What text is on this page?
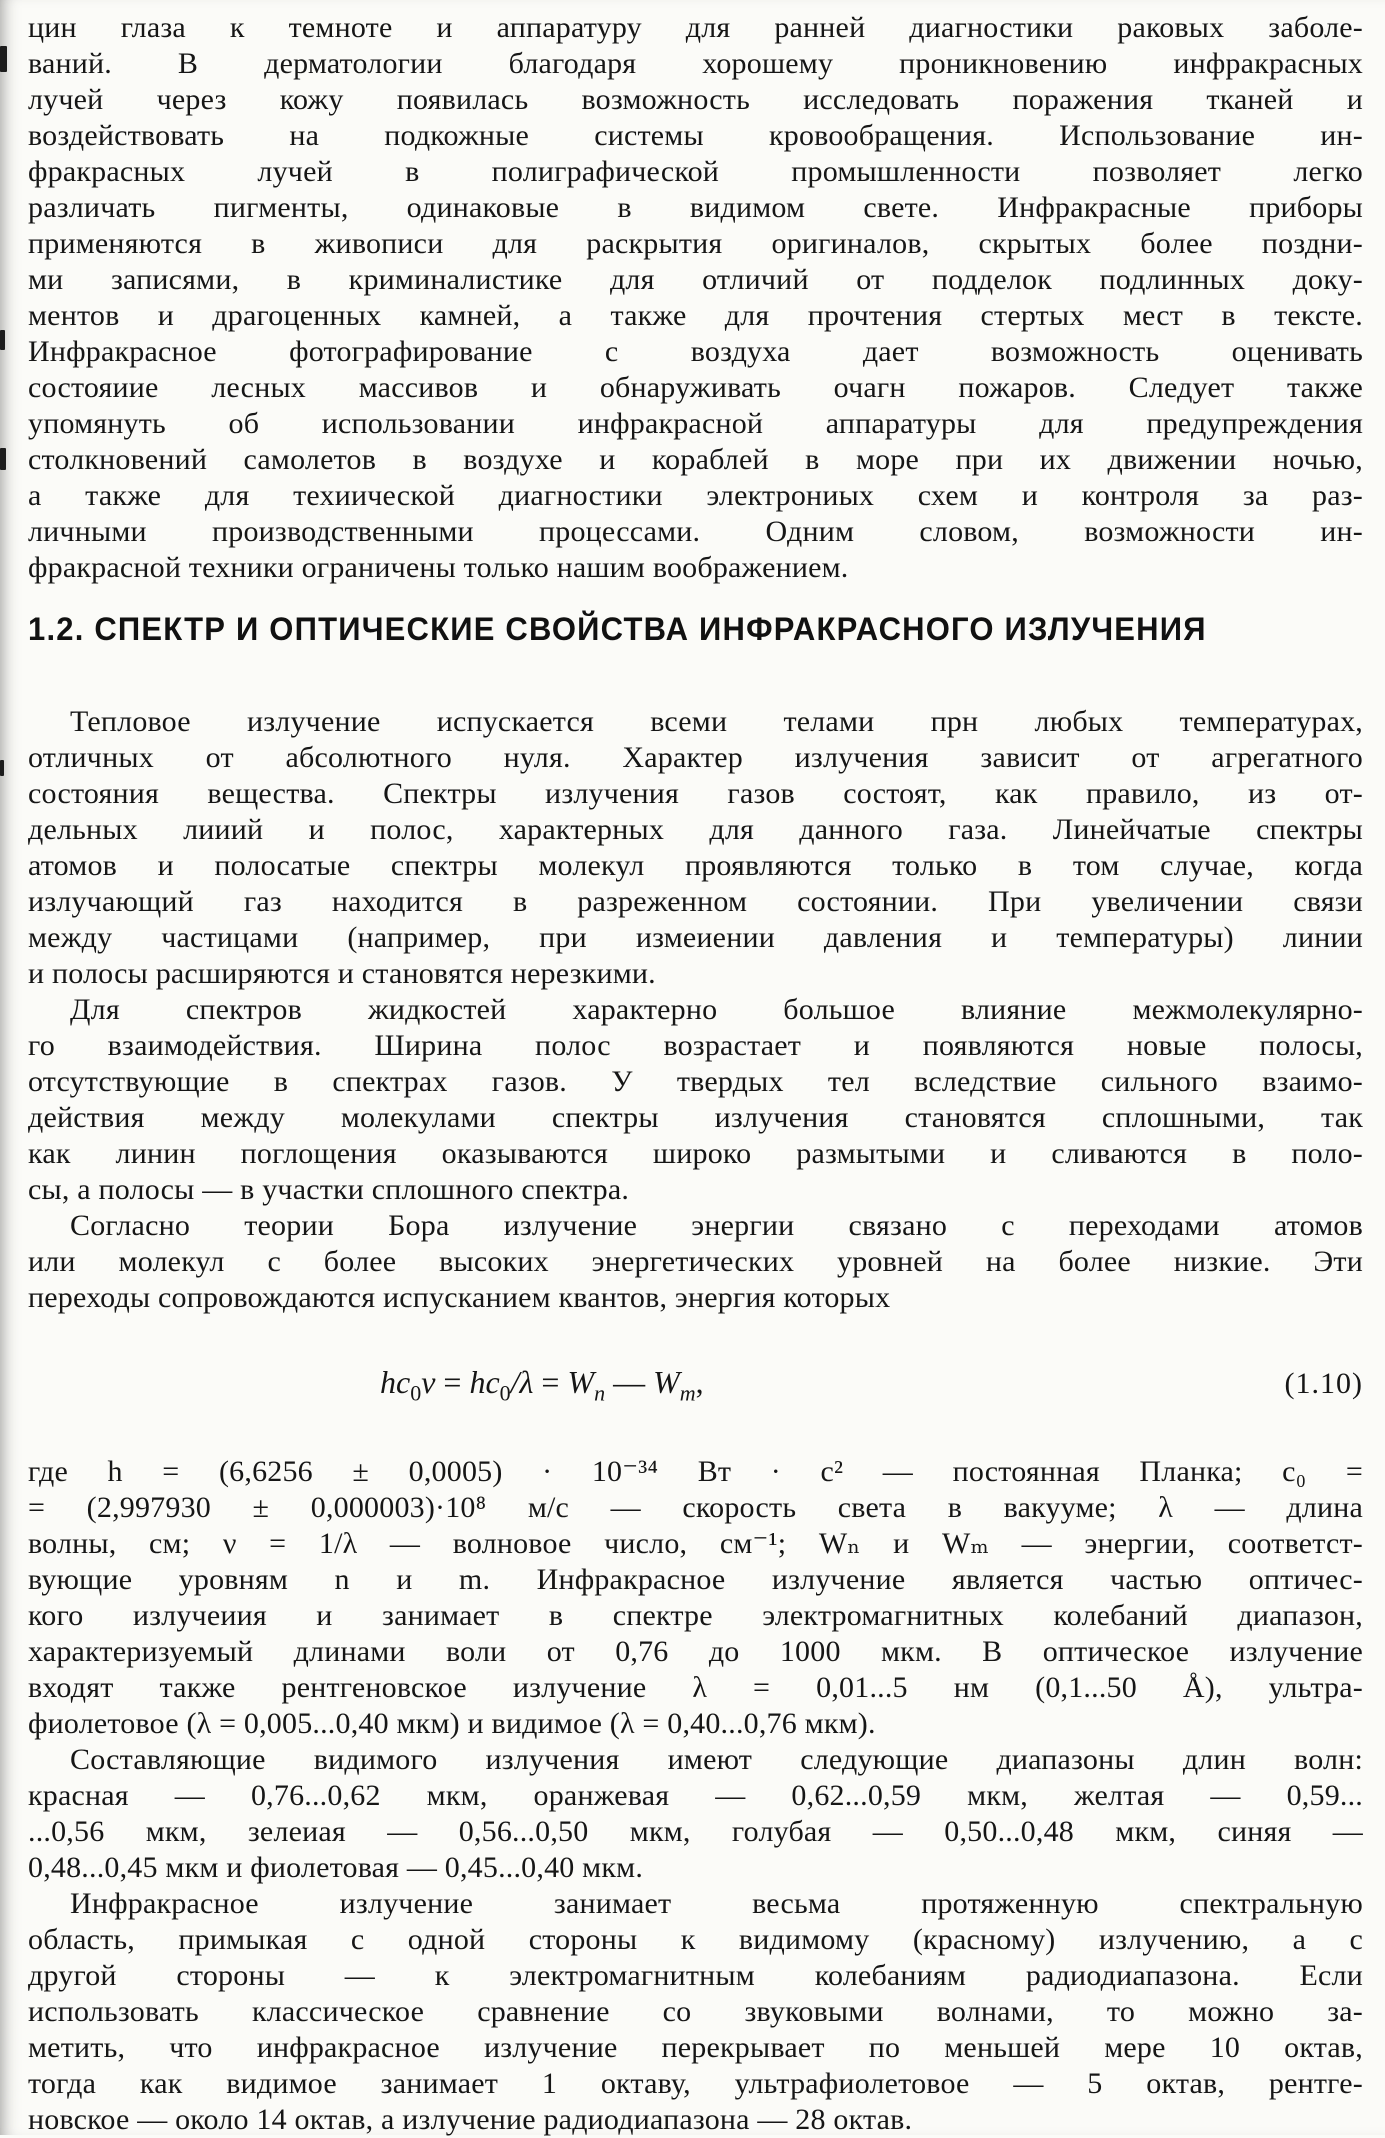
цин глаза к темноте и аппаратуру для ранней диагностики раковых заболе-
ваний. В дерматологии благодаря хорошему проникновению инфракрасных
лучей через кожу появилась возможность исследовать поражения тканей и
воздействовать на подкожные системы кровообращения. Использование ин-
фракрасных лучей в полиграфической промышленности позволяет легко
различать пигменты, одинаковые в видимом свете. Инфракрасные приборы
применяются в живописи для раскрытия оригиналов, скрытых более поздни-
ми записями, в криминалистике для отличий от подделок подлинных доку-
ментов и драгоценных камней, а также для прочтения стертых мест в тексте.
Инфракрасное фотографирование с воздуха дает возможность оценивать
состояиие лесных массивов и обнаруживать очагн пожаров. Следует также
упомянуть об использовании инфракрасной аппаратуры для предупреждения
столкновений самолетов в воздухе и кораблей в море при их движении ночью,
а также для техиической диагностики электрониых схем и контроля за раз-
личными производственными процессами. Одним словом, возможности ин-
фракрасной техники ограничены только нашим воображением.
1.2. СПЕКТР И ОПТИЧЕСКИЕ СВОЙСТВА ИНФРАКРАСНОГО ИЗЛУЧЕНИЯ
Тепловое излучение испускается всеми телами прн любых температурах,
отличных от абсолютного нуля. Характер излучения зависит от агрегатного
состояния вещества. Спектры излучения газов состоят, как правило, из от-
дельных лииий и полос, характерных для данного газа. Линейчатые спектры
атомов и полосатые спектры молекул проявляются только в том случае, когда
излучающий газ находится в разреженном состоянии. При увеличении связи
между частицами (например, при измеиении давления и температуры) линии
и полосы расширяются и становятся нерезкими.
Для спектров жидкостей характерно большое влияние межмолекулярно-
го взаимодействия. Ширина полос возрастает и появляются новые полосы,
отсутствующие в спектрах газов. У твердых тел вследствие сильного взаимо-
действия между молекулами спектры излучения становятся сплошными, так
как линин поглощения оказываются широко размытыми и сливаются в поло-
сы, а полосы — в участки сплошного спектра.
Согласно теории Бора излучение энергии связано с переходами атомов
или молекул с более высоких энергетических уровней на более низкие. Эти
переходы сопровождаются испусканием квантов, энергия которых
$hc_0\nu = hc_0/\lambda = W_n$ — $W_m$,	(1.10)
где h = (6,6256 ± 0,0005) · 10⁻³⁴ Вт · с² — постоянная Планка; c₀ =
= (2,997930 ± 0,000003)·10⁸ м/с — скорость света в вакууме; λ — длина
волны, см; ν = 1/λ — волновое число, см⁻¹; Wₙ и Wₘ — энергии, соответст-
вующие уровням n и m. Инфракрасное излучение является частью оптичес-
кого излучеиия и занимает в спектре электромагнитных колебаний диапазон,
характеризуемый длинами воли от 0,76 до 1000 мкм. В оптическое излучение
входят также рентгеновское излучение λ = 0,01...5 нм (0,1...50 Å), ультра-
фиолетовое (λ = 0,005...0,40 мкм) и видимое (λ = 0,40...0,76 мкм).
Составляющие видимого излучения имеют следующие диапазоны длин волн:
красная — 0,76...0,62 мкм, оранжевая — 0,62...0,59 мкм, желтая — 0,59...
...0,56 мкм, зелеиая — 0,56...0,50 мкм, голубая — 0,50...0,48 мкм, синяя —
0,48...0,45 мкм и фиолетовая — 0,45...0,40 мкм.
Инфракрасное излучение занимает весьма протяженную спектральную
область, примыкая с одной стороны к видимому (красному) излучению, а с
другой стороны — к электромагнитным колебаниям радиодиапазона. Если
использовать классическое сравнение со звуковыми волнами, то можно за-
метить, что инфракрасное излучение перекрывает по меньшей мере 10 октав,
тогда как видимое занимает 1 октаву, ультрафиолетовое — 5 октав, рентге-
новское — около 14 октав, а излучение радиодиапазона — 28 октав.
